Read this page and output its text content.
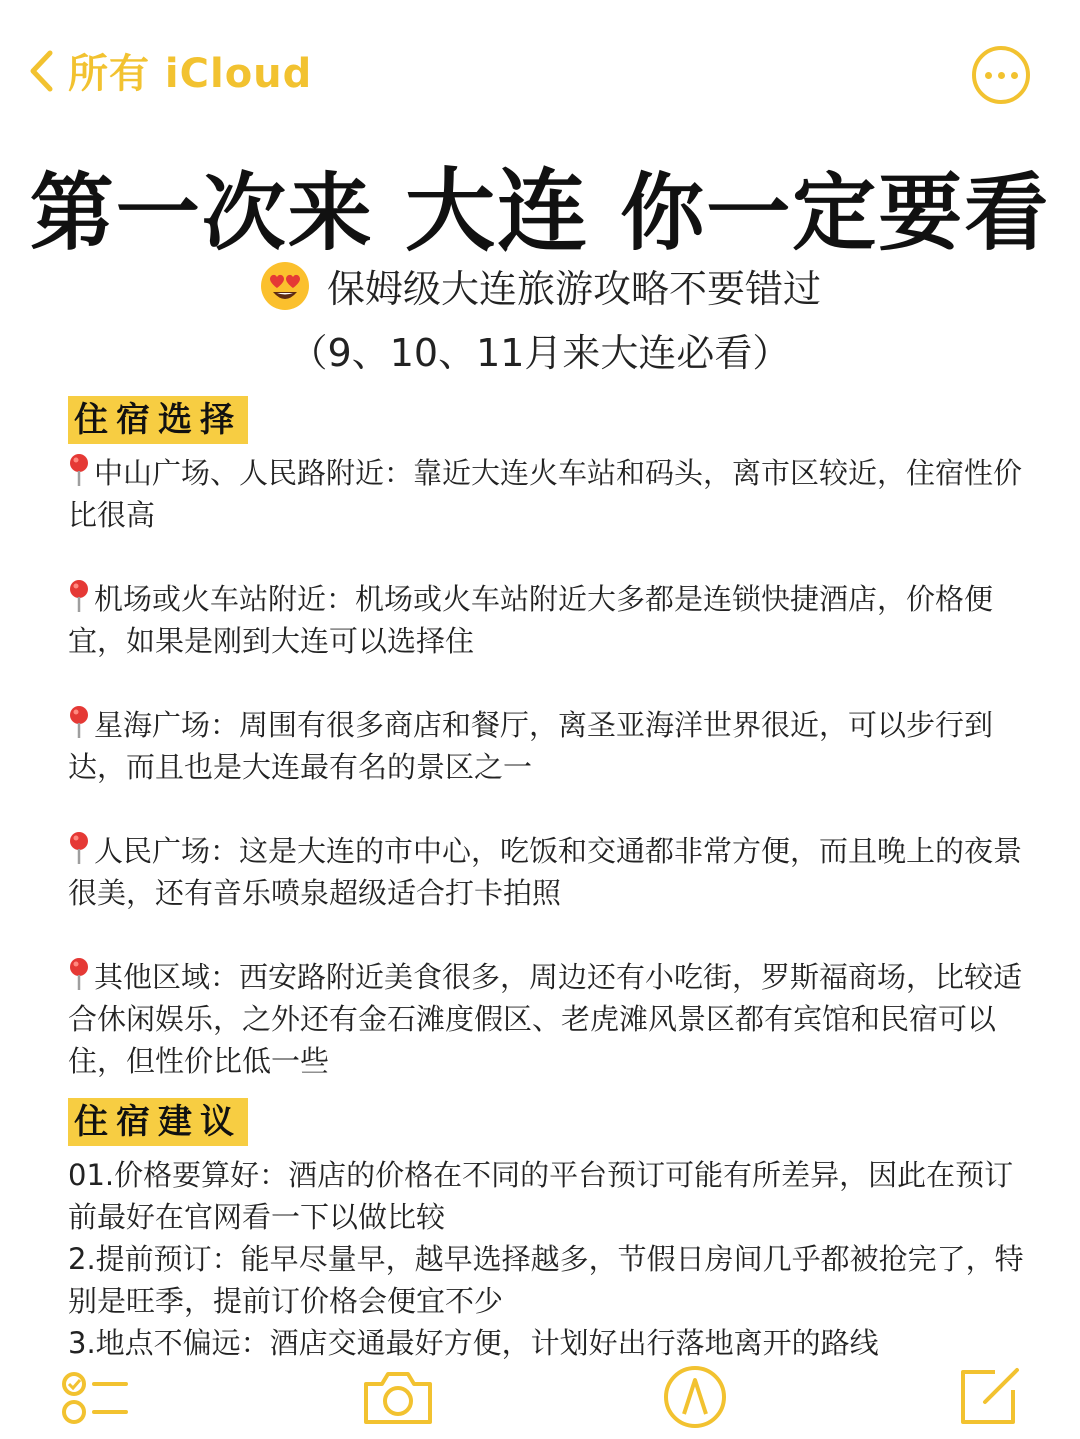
所有 iCloud
第一次来 大连 你一定要看
保姆级大连旅游攻略不要错过
（9、10、11月来大连必看）
住宿选择
中山广场、人民路附近：靠近大连火车站和码头，离市区较近，住宿性价比很高
机场或火车站附近：机场或火车站附近大多都是连锁快捷酒店，价格便宜，如果是刚到大连可以选择住
星海广场：周围有很多商店和餐厅，离圣亚海洋世界很近，可以步行到达，而且也是大连最有名的景区之一
人民广场：这是大连的市中心，吃饭和交通都非常方便，而且晚上的夜景很美，还有音乐喷泉超级适合打卡拍照
其他区域：西安路附近美食很多，周边还有小吃街，罗斯福商场，比较适合休闲娱乐，之外还有金石滩度假区、老虎滩风景区都有宾馆和民宿可以住，但性价比低一些
住宿建议
01.价格要算好：酒店的价格在不同的平台预订可能有所差异，因此在预订前最好在官网看一下以做比较
2.提前预订：能早尽量早，越早选择越多，节假日房间几乎都被抢完了，特别是旺季，提前订价格会便宜不少
3.地点不偏远：酒店交通最好方便，计划好出行落地离开的路线
